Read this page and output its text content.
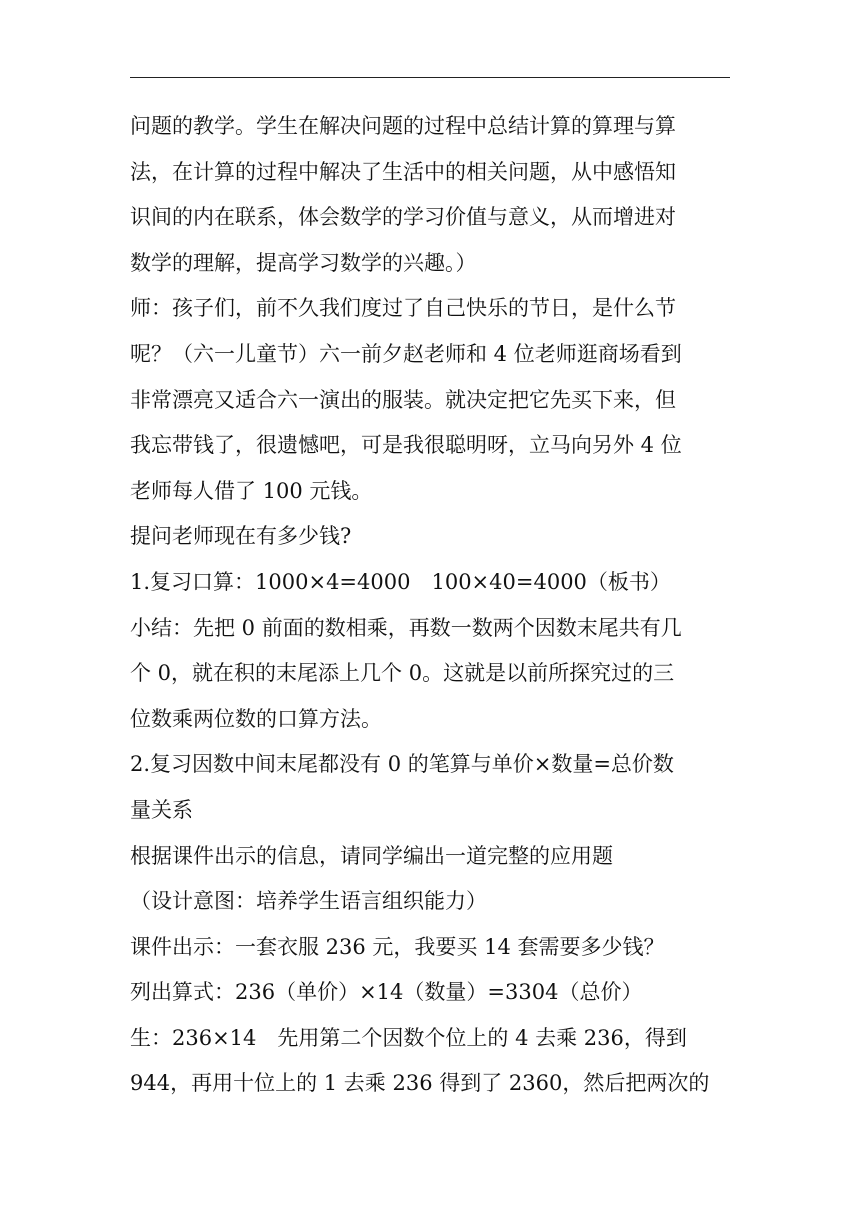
问题的教学。学生在解决问题的过程中总结计算的算理与算
法，在计算的过程中解决了生活中的相关问题，从中感悟知
识间的内在联系，体会数学的学习价值与意义，从而增进对
数学的理解，提高学习数学的兴趣。）
师：孩子们，前不久我们度过了自己快乐的节日，是什么节
呢？（六一儿童节）六一前夕赵老师和 4 位老师逛商场看到
非常漂亮又适合六一演出的服装。就决定把它先买下来，但
我忘带钱了，很遗憾吧，可是我很聪明呀，立马向另外 4 位
老师每人借了 100 元钱。
提问老师现在有多少钱?
1.复习口算：1000×4=4000　100×40=4000（板书）
小结：先把 0 前面的数相乘，再数一数两个因数末尾共有几
个 0，就在积的末尾添上几个 0。这就是以前所探究过的三
位数乘两位数的口算方法。
2.复习因数中间末尾都没有 0 的笔算与单价×数量=总价数
量关系
根据课件出示的信息，请同学编出一道完整的应用题
（设计意图：培养学生语言组织能力）
课件出示：一套衣服 236 元，我要买 14 套需要多少钱？
列出算式：236（单价）×14（数量）=3304（总价）
生：236×14　先用第二个因数个位上的 4 去乘 236，得到
944，再用十位上的 1 去乘 236 得到了 2360，然后把两次的
